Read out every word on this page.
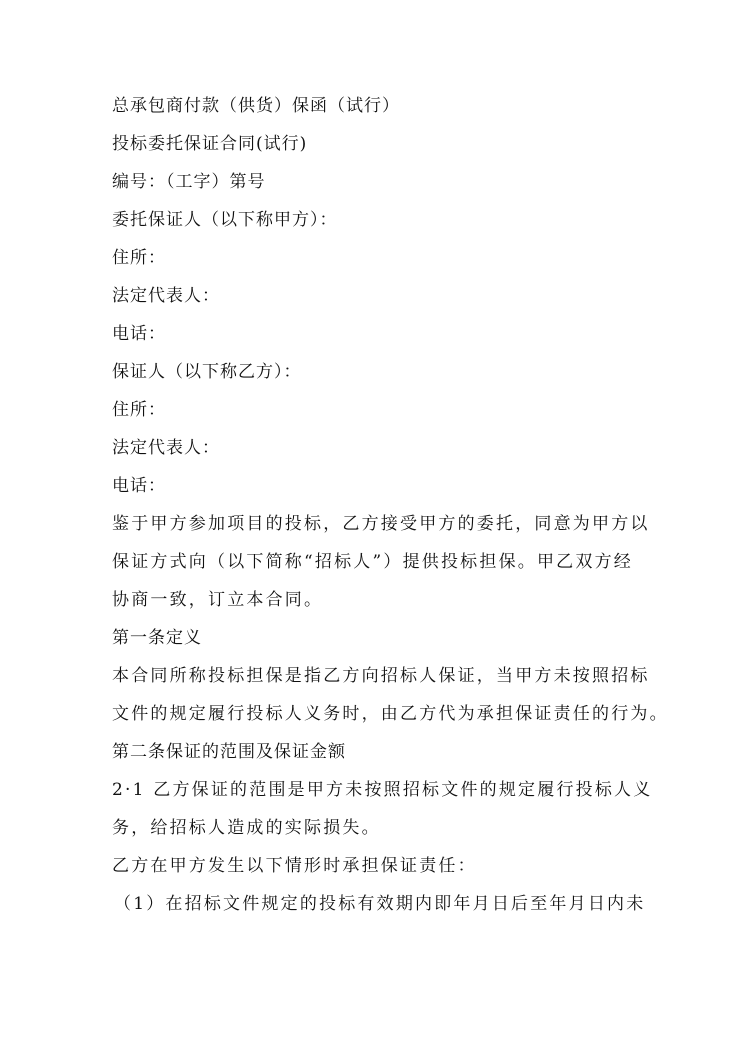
总承包商付款（供货）保函（试行）
投标委托保证合同(试行)
编号：（工字）第号
委托保证人（以下称甲方）：
住所：
法定代表人：
电话：
保证人（以下称乙方）：
住所：
法定代表人：
电话：
鉴于甲方参加项目的投标，乙方接受甲方的委托，同意为甲方以
保证方式向（以下简称“招标人”）提供投标担保。甲乙双方经
协商一致，订立本合同。
第一条定义
本合同所称投标担保是指乙方向招标人保证，当甲方未按照招标
文件的规定履行投标人义务时，由乙方代为承担保证责任的行为。
第二条保证的范围及保证金额
2·1 乙方保证的范围是甲方未按照招标文件的规定履行投标人义
务，给招标人造成的实际损失。
乙方在甲方发生以下情形时承担保证责任：
（1）在招标文件规定的投标有效期内即年月日后至年月日内未
